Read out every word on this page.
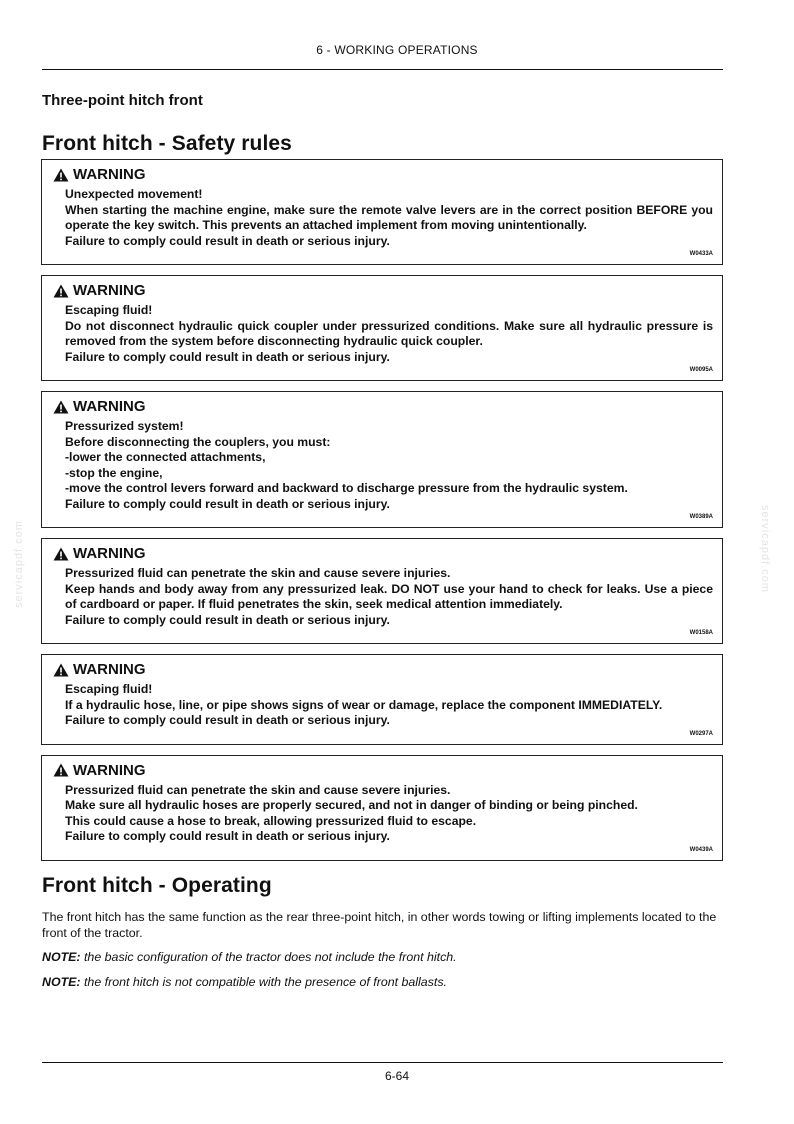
6 - WORKING OPERATIONS
Three-point hitch front
Front hitch - Safety rules
WARNING
Unexpected movement!
When starting the machine engine, make sure the remote valve levers are in the correct position BEFORE you operate the key switch. This prevents an attached implement from moving unintentionally.
Failure to comply could result in death or serious injury.
W0433A
WARNING
Escaping fluid!
Do not disconnect hydraulic quick coupler under pressurized conditions. Make sure all hydraulic pressure is removed from the system before disconnecting hydraulic quick coupler.
Failure to comply could result in death or serious injury.
W0095A
WARNING
Pressurized system!
Before disconnecting the couplers, you must:
-lower the connected attachments,
-stop the engine,
-move the control levers forward and backward to discharge pressure from the hydraulic system.
Failure to comply could result in death or serious injury.
W0389A
WARNING
Pressurized fluid can penetrate the skin and cause severe injuries.
Keep hands and body away from any pressurized leak. DO NOT use your hand to check for leaks. Use a piece of cardboard or paper. If fluid penetrates the skin, seek medical attention immediately.
Failure to comply could result in death or serious injury.
W0158A
WARNING
Escaping fluid!
If a hydraulic hose, line, or pipe shows signs of wear or damage, replace the component IMMEDIATELY.
Failure to comply could result in death or serious injury.
W0297A
WARNING
Pressurized fluid can penetrate the skin and cause severe injuries.
Make sure all hydraulic hoses are properly secured, and not in danger of binding or being pinched.
This could cause a hose to break, allowing pressurized fluid to escape.
Failure to comply could result in death or serious injury.
W0439A
Front hitch - Operating

The front hitch has the same function as the rear three-point hitch, in other words towing or lifting implements located to the front of the tractor.

NOTE: the basic configuration of the tractor does not include the front hitch.

NOTE: the front hitch is not compatible with the presence of front ballasts.

servicapdf.com	servicapdf.com
6-64
